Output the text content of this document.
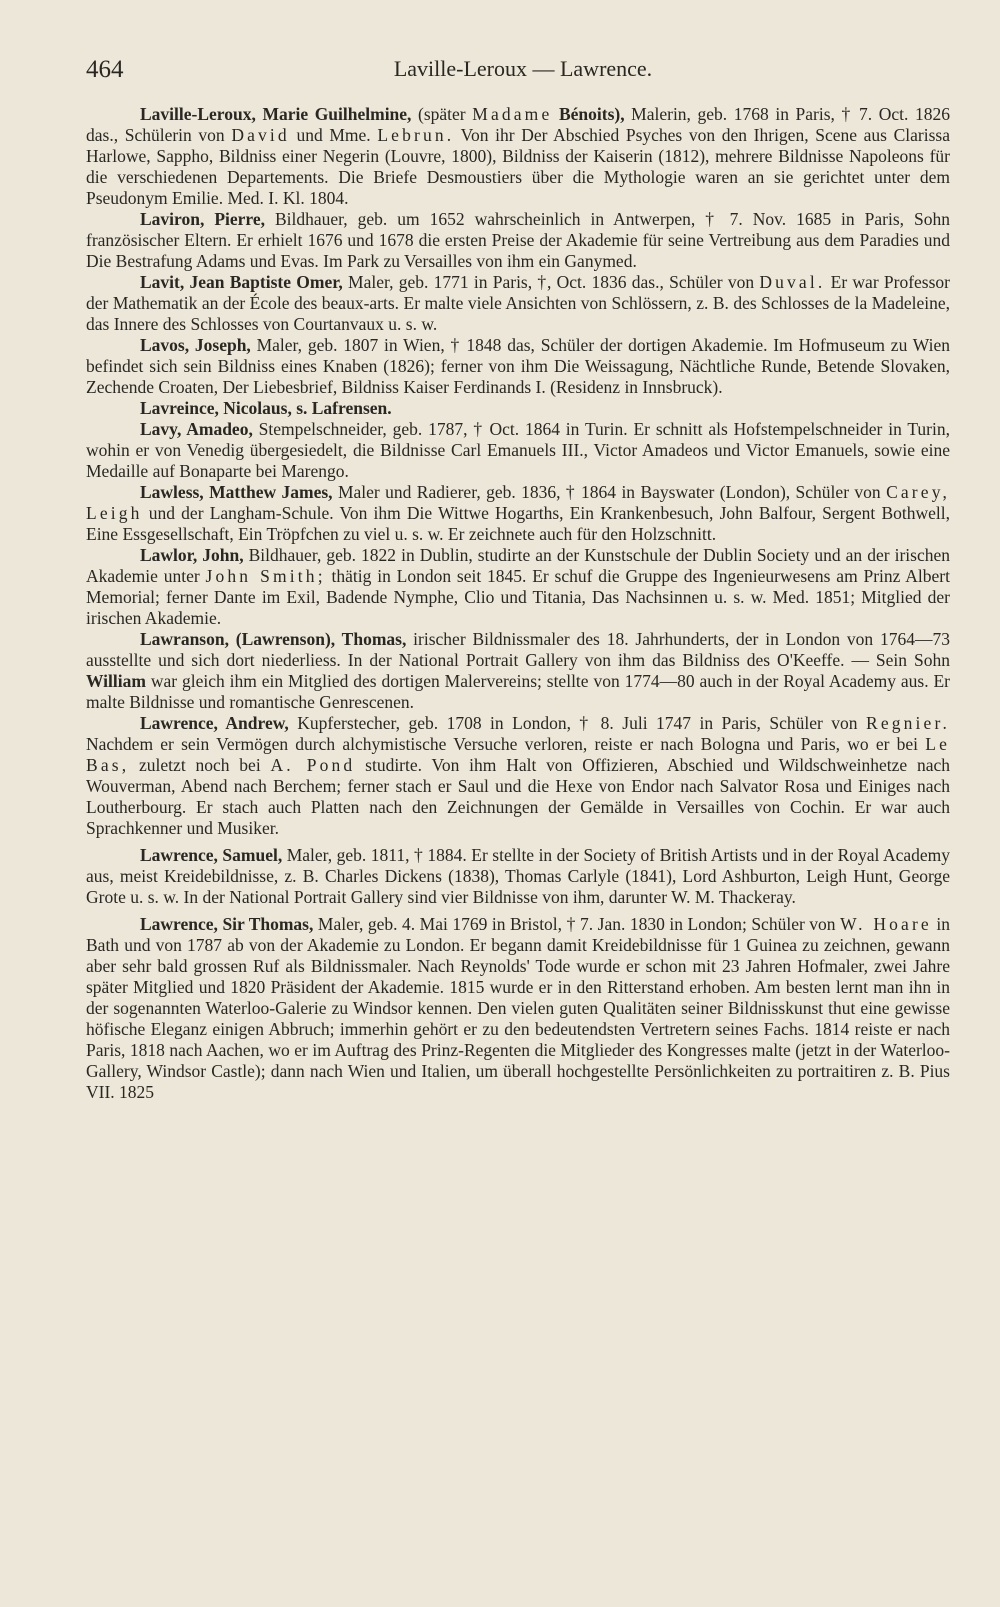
464	Laville-Leroux — Lawrence.

Laville-Leroux, Marie Guilhelmine, (später Madame Bénoits), Malerin, geb. 1768 in Paris, † 7. Oct. 1826 das., Schülerin von David und Mme. Lebrun. Von ihr Der Abschied Psyches von den Ihrigen, Scene aus Clarissa Harlowe, Sappho, Bildniss einer Negerin (Louvre, 1800), Bildniss der Kaiserin (1812), mehrere Bildnisse Napoleons für die verschiedenen Departements. Die Briefe Desmoustiers über die Mythologie waren an sie gerichtet unter dem Pseudonym Emilie. Med. I. Kl. 1804.

Laviron, Pierre, Bildhauer, geb. um 1652 wahrscheinlich in Antwerpen, † 7. Nov. 1685 in Paris, Sohn französischer Eltern. Er erhielt 1676 und 1678 die ersten Preise der Akademie für seine Vertreibung aus dem Paradies und Die Bestrafung Adams und Evas. Im Park zu Versailles von ihm ein Ganymed.

Lavit, Jean Baptiste Omer, Maler, geb. 1771 in Paris, †, Oct. 1836 das., Schüler von Duval. Er war Professor der Mathematik an der École des beaux-arts. Er malte viele Ansichten von Schlössern, z. B. des Schlosses de la Madeleine, das Innere des Schlosses von Courtanvaux u. s. w.

Lavos, Joseph, Maler, geb. 1807 in Wien, † 1848 das, Schüler der dortigen Akademie. Im Hofmuseum zu Wien befindet sich sein Bildniss eines Knaben (1826); ferner von ihm Die Weissagung, Nächtliche Runde, Betende Slovaken, Zechende Croaten, Der Liebesbrief, Bildniss Kaiser Ferdinands I. (Residenz in Innsbruck).

Lavreince, Nicolaus, s. Lafrensen.

Lavy, Amadeo, Stempelschneider, geb. 1787, † Oct. 1864 in Turin. Er schnitt als Hofstempelschneider in Turin, wohin er von Venedig übergesiedelt, die Bildnisse Carl Emanuels III., Victor Amadeos und Victor Emanuels, sowie eine Medaille auf Bonaparte bei Marengo.

Lawless, Matthew James, Maler und Radierer, geb. 1836, † 1864 in Bayswater (London), Schüler von Carey, Leigh und der Langham-Schule. Von ihm Die Wittwe Hogarths, Ein Krankenbesuch, John Balfour, Sergent Bothwell, Eine Essgesellschaft, Ein Tröpfchen zu viel u. s. w. Er zeichnete auch für den Holzschnitt.

Lawlor, John, Bildhauer, geb. 1822 in Dublin, studirte an der Kunstschule der Dublin Society und an der irischen Akademie unter John Smith; thätig in London seit 1845. Er schuf die Gruppe des Ingenieurwesens am Prinz Albert Memorial; ferner Dante im Exil, Badende Nymphe, Clio und Titania, Das Nachsinnen u. s. w. Med. 1851; Mitglied der irischen Akademie.

Lawranson, (Lawrenson), Thomas, irischer Bildnissmaler des 18. Jahrhunderts, der in London von 1764—73 ausstellte und sich dort niederliess. In der National Portrait Gallery von ihm das Bildniss des O'Keeffe. — Sein Sohn William war gleich ihm ein Mitglied des dortigen Malervereins; stellte von 1774—80 auch in der Royal Academy aus. Er malte Bildnisse und romantische Genrescenen.

Lawrence, Andrew, Kupferstecher, geb. 1708 in London, † 8. Juli 1747 in Paris, Schüler von Regnier. Nachdem er sein Vermögen durch alchymistische Versuche verloren, reiste er nach Bologna und Paris, wo er bei Le Bas, zuletzt noch bei A. Pond studirte. Von ihm Halt von Offizieren, Abschied und Wildschweinhetze nach Wouverman, Abend nach Berchem; ferner stach er Saul und die Hexe von Endor nach Salvator Rosa und Einiges nach Loutherbourg. Er stach auch Platten nach den Zeichnungen der Gemälde in Versailles von Cochin. Er war auch Sprachkenner und Musiker.

Lawrence, Samuel, Maler, geb. 1811, † 1884. Er stellte in der Society of British Artists und in der Royal Academy aus, meist Kreidebildnisse, z. B. Charles Dickens (1838), Thomas Carlyle (1841), Lord Ashburton, Leigh Hunt, George Grote u. s. w. In der National Portrait Gallery sind vier Bildnisse von ihm, darunter W. M. Thackeray.

Lawrence, Sir Thomas, Maler, geb. 4. Mai 1769 in Bristol, † 7. Jan. 1830 in London; Schüler von W. Hoare in Bath und von 1787 ab von der Akademie zu London. Er begann damit Kreidebildnisse für 1 Guinea zu zeichnen, gewann aber sehr bald grossen Ruf als Bildnissmaler. Nach Reynolds' Tode wurde er schon mit 23 Jahren Hofmaler, zwei Jahre später Mitglied und 1820 Präsident der Akademie. 1815 wurde er in den Ritterstand erhoben. Am besten lernt man ihn in der sogenannten Waterloo-Galerie zu Windsor kennen. Den vielen guten Qualitäten seiner Bildnisskunst thut eine gewisse höfische Eleganz einigen Abbruch; immerhin gehört er zu den bedeutendsten Vertretern seines Fachs. 1814 reiste er nach Paris, 1818 nach Aachen, wo er im Auftrag des Prinz-Regenten die Mitglieder des Kongresses malte (jetzt in der Waterloo-Gallery, Windsor Castle); dann nach Wien und Italien, um überall hochgestellte Persönlichkeiten zu portraitiren z. B. Pius VII. 1825
